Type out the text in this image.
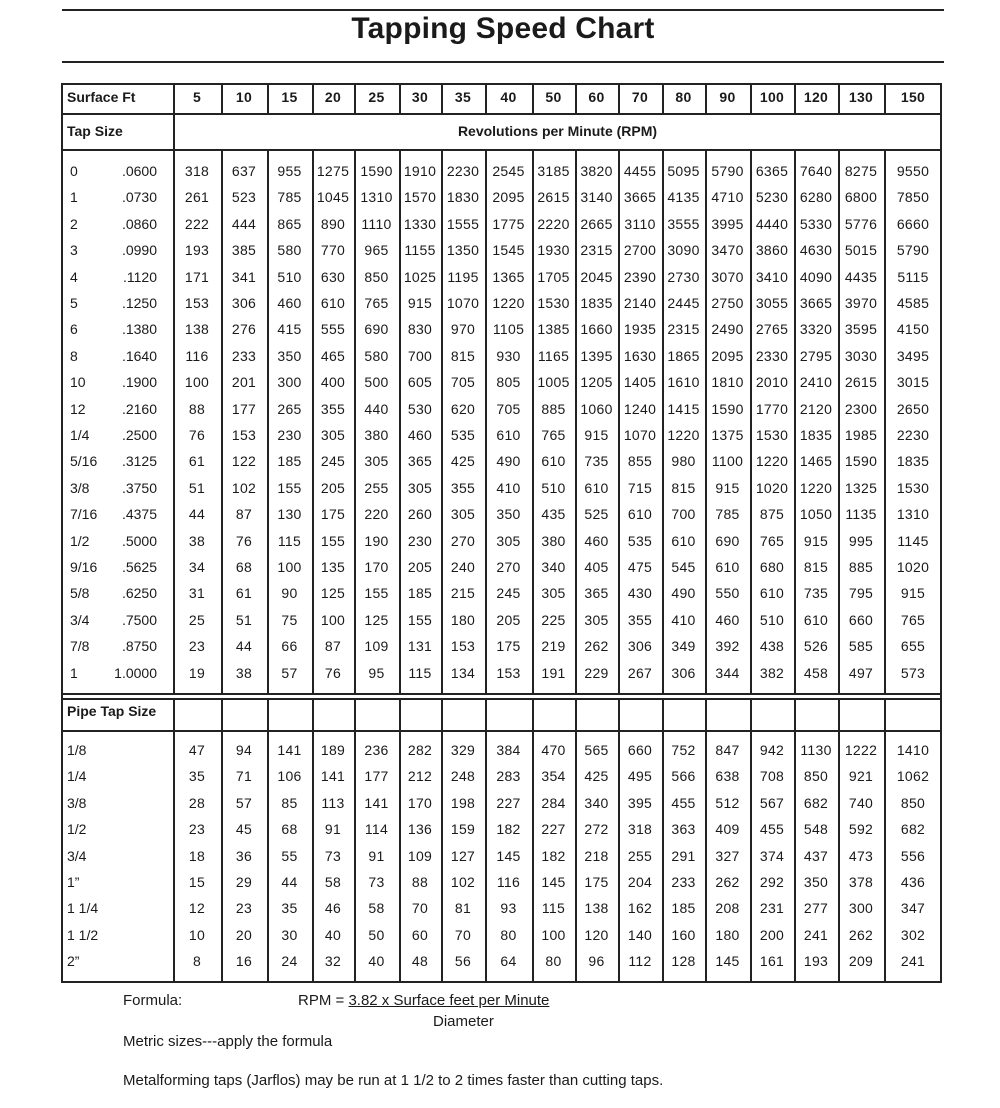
Tapping Speed Chart
Surface Ft	5	10	15	20	25	30	35	40	50	60	70	80	90	100	120	130	150
Tap Size	Revolutions per Minute (RPM)
Pipe Tap Size
0	.0600	318	637	955	1275 1590 1910 2230 2545 3185 3820 4455 5095 5790 6365 7640 8275	9550
1	.0730	261	523	785	1045 1310 1570 1830 2095 2615 3140 3665 4135 4710 5230 6280 6800	7850
2	.0860	222	444	865	890	1110 1330 1555 1775 2220 2665 3110 3555 3995 4440 5330 5776	6660
3	.0990	193	385	580	770	965	1155 1350 1545 1930 2315 2700 3090 3470 3860 4630 5015	5790
4	.1120	171	341	510	630	850	1025 1195 1365 1705 2045 2390 2730 3070 3410 4090 4435	5115
5	.1250	153	306	460	610	765	915	1070 1220 1530 1835 2140 2445 2750 3055 3665 3970	4585
6	.1380	138	276	415	555	690	830	970	1105 1385 1660 1935 2315 2490 2765 3320 3595	4150
8	.1640	116	233	350	465	580	700	815	930	1165 1395 1630 1865 2095 2330 2795 3030	3495
10	.1900	100	201	300	400	500	605	705	805	1005 1205 1405 1610 1810 2010 2410 2615	3015
12	.2160	88	177	265	355	440	530	620	705	885	1060 1240 1415 1590 1770 2120 2300	2650
1/4	.2500	76	153	230	305	380	460	535	610	765	915	1070 1220 1375 1530 1835 1985	2230
5/16	.3125	61	122	185	245	305	365	425	490	610	735	855	980	1100 1220 1465 1590	1835
3/8	.3750	51	102	155	205	255	305	355	410	510	610	715	815	915	1020 1220 1325	1530
7/16	.4375	44	87	130	175	220	260	305	350	435	525	610	700	785	875	1050 1135	1310
1/2	.5000	38	76	115	155	190	230	270	305	380	460	535	610	690	765	915	995	1145
9/16	.5625	34	68	100	135	170	205	240	270	340	405	475	545	610	680	815	885	1020
5/8	.6250	31	61	90	125	155	185	215	245	305	365	430	490	550	610	735	795	915
3/4	.7500	25	51	75	100	125	155	180	205	225	305	355	410	460	510	610	660	765
7/8	.8750	23	44	66	87	109	131	153	175	219	262	306	349	392	438	526	585	655
1	1.0000	19	38	57	76	95	115	134	153	191	229	267	306	344	382	458	497	573
1/8	47	94	141	189	236	282	329	384	470	565	660	752	847	942	1130 1222	1410
1/4	35	71	106	141	177	212	248	283	354	425	495	566	638	708	850	921	1062
3/8	28	57	85	113	141	170	198	227	284	340	395	455	512	567	682	740	850
1/2	23	45	68	91	114	136	159	182	227	272	318	363	409	455	548	592	682
3/4	18	36	55	73	91	109	127	145	182	218	255	291	327	374	437	473	556
1”	15	29	44	58	73	88	102	116	145	175	204	233	262	292	350	378	436
1 1/4	12	23	35	46	58	70	81	93	115	138	162	185	208	231	277	300	347
1 1/2	10	20	30	40	50	60	70	80	100	120	140	160	180	200	241	262	302
2”	8	16	24	32	40	48	56	64	80	96	112	128	145	161	193	209	241
Formula:	RPM = 3.82 x Surface feet per Minute
Diameter
Metric sizes---apply the formula
Metalforming taps (Jarflos) may be run at 1 1/2 to 2 times faster than cutting taps.
